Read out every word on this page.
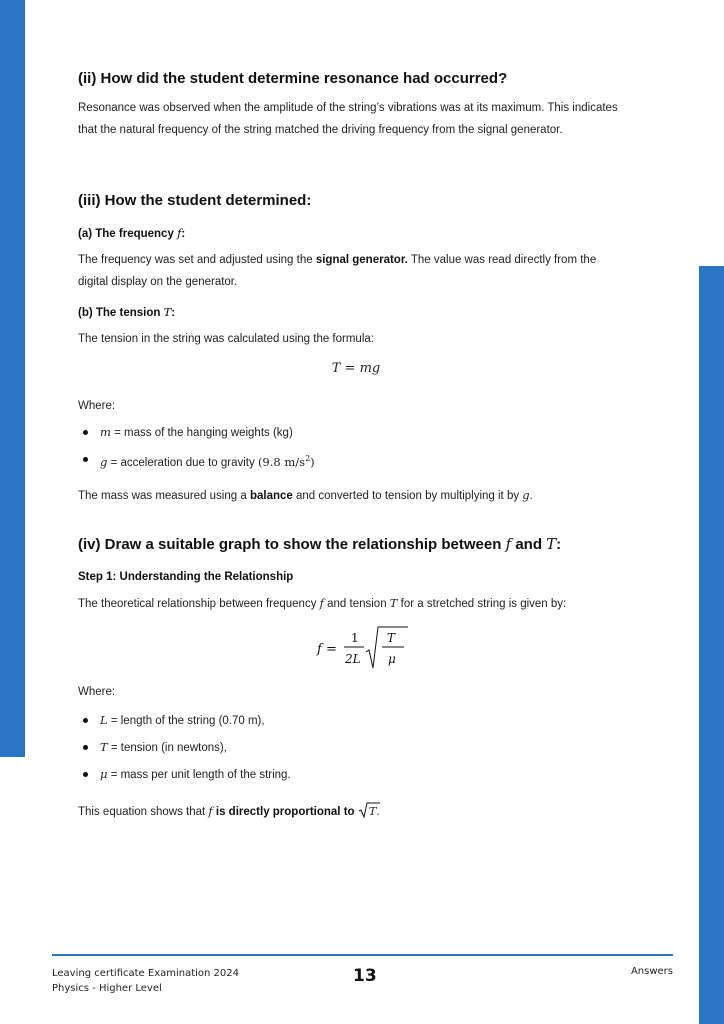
(ii) How did the student determine resonance had occurred?
Resonance was observed when the amplitude of the string’s vibrations was at its maximum. This indicates that the natural frequency of the string matched the driving frequency from the signal generator.
(iii) How the student determined:
(a) The frequency f:
The frequency was set and adjusted using the signal generator. The value was read directly from the digital display on the generator.
(b) The tension T:
The tension in the string was calculated using the formula:
T = mg
Where:
m = mass of the hanging weights (kg)
g = acceleration due to gravity (9.8 $m/s^2$)
The mass was measured using a balance and converted to tension by multiplying it by g.
(iv) Draw a suitable graph to show the relationship between f and T:
Step 1: Understanding the Relationship
The theoretical relationship between frequency f and tension T for a stretched string is given by:
f =
1
2L
T
μ
Where:
L = length of the string (0.70 m),
T = tension (in newtons),
μ = mass per unit length of the string.
This equation shows that f is directly proportional to T.
Leaving certificate Examination 2024
Physics - Higher Level
13	Answers
